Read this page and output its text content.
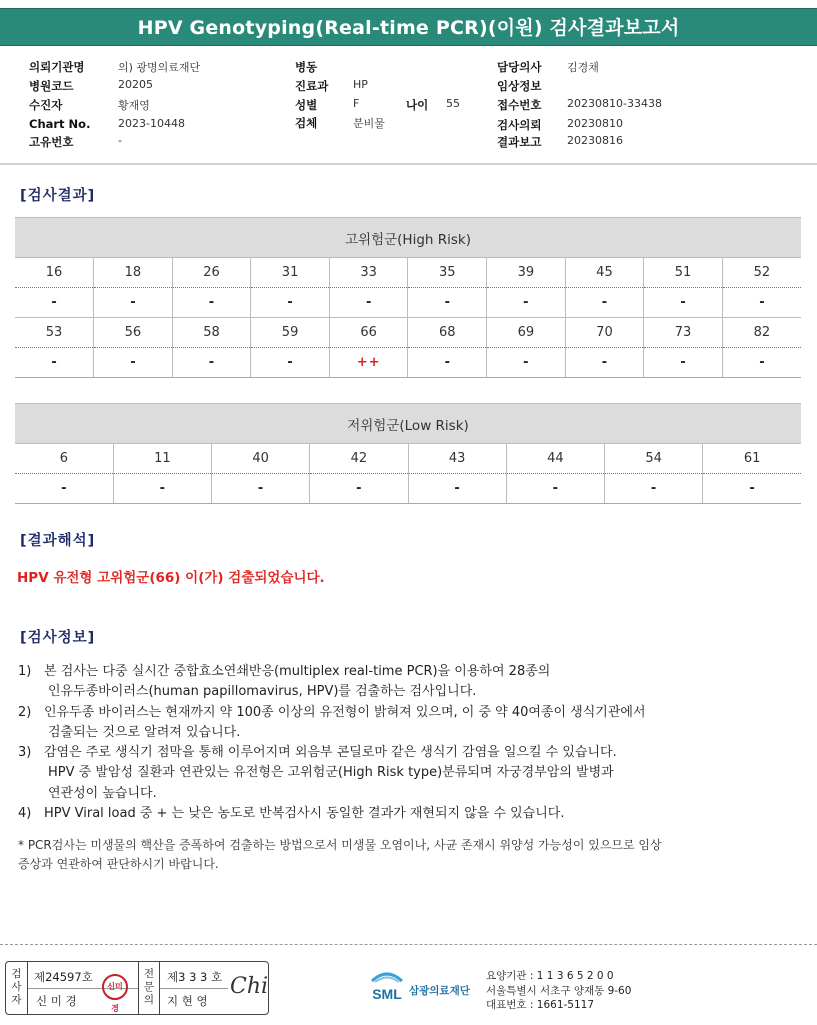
HPV Genotyping(Real-time PCR)(이원) 검사결과보고서
의뢰기관명	의) 광명의료재단
병원코드	20205
수진자	황재영
Chart No.	2023-10448
고유번호	-
병동
진료과 HP
성별	F	나이 55
검체	분비물
담당의사 김경채
임상정보
접수번호 20230810-33438
검사의뢰 20230810
결과보고 20230816
[검사결과]
고위험군(High Risk)									
16	18	26	31	33	35	39	45	51	52
-	-	-	-	-	-	-	-	-	-
53	56	58	59	66	68	69	70	73	82
-	-	-	-	++	-	-	-	-	-
저위험군(Low Risk)							
6	11	40	42	43	44	54	61
-	-	-	-	-	-	-	-
[결과해석]
HPV 유전형 고위험군(66) 이(가) 검출되었습니다.
[검사정보]
1) 본 검사는 다중 실시간 중합효소연쇄반응(multiplex real-time PCR)을 이용하여 28종의
인유두종바이러스(human papillomavirus, HPV)를 검출하는 검사입니다.
2) 인유두종 바이러스는 현재까지 약 100종 이상의 유전형이 밝혀져 있으며, 이 중 약 40여종이 생식기관에서
검출되는 것으로 알려져 있습니다.
3) 감염은 주로 생식기 점막을 통해 이루어지며 외음부 콘딜로마 같은 생식기 감염을 일으킬 수 있습니다.
HPV 중 발암성 질환과 연관있는 유전형은 고위험군(High Risk type)분류되며 자궁경부암의 발병과
연관성이 높습니다.
4) HPV Viral load 중 + 는 낮은 농도로 반복검사시 동일한 결과가 재현되지 않을 수 있습니다.
* PCR검사는 미생물의 핵산을 증폭하여 검출하는 방법으로서 미생물 오염이나, 사균 존재시 위양성 가능성이 있으므로 임상
증상과 연관하여 판단하시기 바랍니다.
검
사
자
제24597호
신 미 경
신미경
전
문
의
제3 3 3 호
지 현 영
Chi	SML 삼광의료재단
요양기관 : 1 1 3 6 5 2 0 0
서울특별시 서초구 양재동 9-60
대표번호 : 1661-5117
